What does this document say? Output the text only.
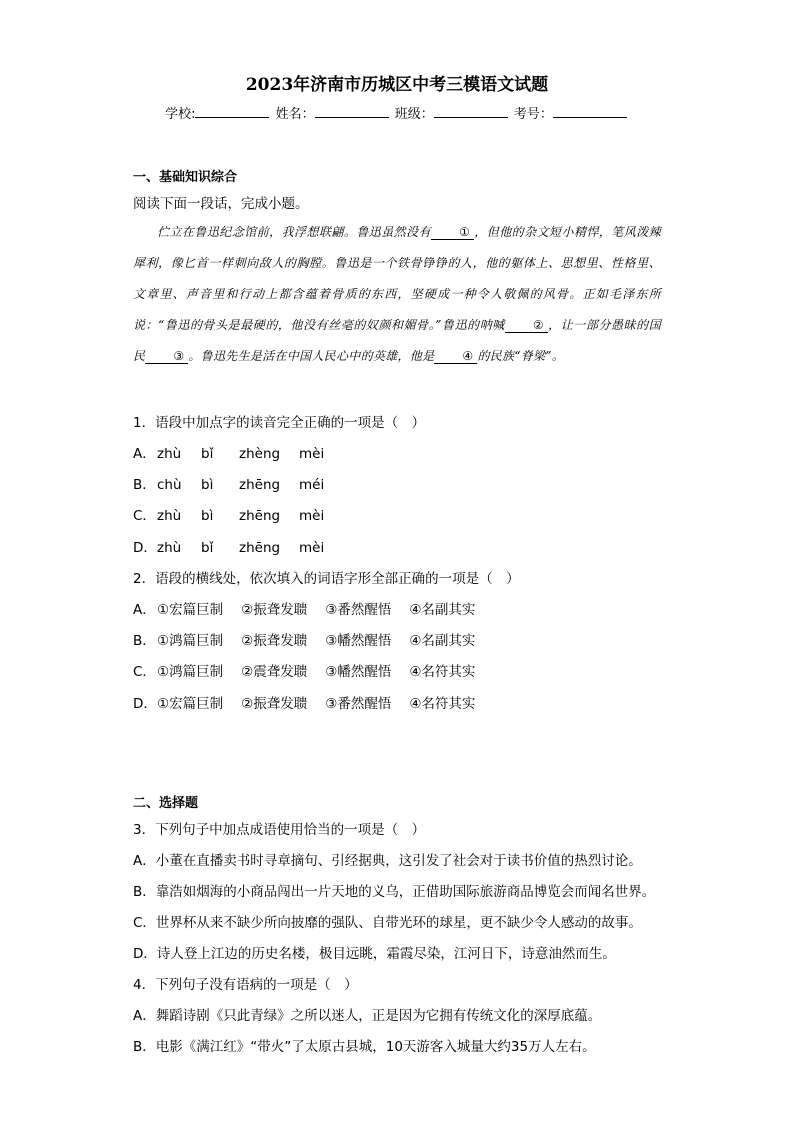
2023年济南市历城区中考三模语文试题
学校:	姓名：	班级：	考号：
一、基础知识综合
阅读下面一段话，完成小题。
伫立在鲁迅纪念馆前，我浮想联翩。鲁迅虽然没有 ① ，但他的杂文短小精悍，笔风泼辣犀利，像匕首一样刺向敌人的胸膛。鲁迅是一个铁骨铮铮的人，他的躯体上、思想里、性格里、文章里、声音里和行动上都含蕴着骨质的东西，坚硬成一种令人敬佩的风骨。正如毛泽东所说：“鲁迅的骨头是最硬的，他没有丝毫的奴颜和媚骨。”鲁迅的呐喊 ② ，让一部分愚昧的国民 ③ 。鲁迅先生是活在中国人民心中的英雄，他是 ④ 的民族“脊梁”。
1．语段中加点字的读音完全正确的一项是（　）
A．zhù bǐ zhèng mèi
B．chù bì zhēng méi
C．zhù bì zhēng mèi
D．zhù bǐ zhēng mèi
2．语段的横线处，依次填入的词语字形全部正确的一项是（　）
A．①宏篇巨制 ②振聋发聩 ③番然醒悟 ④名副其实
B．①鸿篇巨制 ②振聋发聩 ③幡然醒悟 ④名副其实
C．①鸿篇巨制 ②震聋发聩 ③幡然醒悟 ④名符其实
D．①宏篇巨制 ②振聋发聩 ③番然醒悟 ④名符其实
二、选择题
3．下列句子中加点成语使用恰当的一项是（　）
A．小董在直播卖书时寻章摘句、引经据典，这引发了社会对于读书价值的热烈讨论。
B．靠浩如烟海的小商品闯出一片天地的义乌，正借助国际旅游商品博览会而闻名世界。
C．世界杯从来不缺少所向披靡的强队、自带光环的球星，更不缺少令人感动的故事。
D．诗人登上江边的历史名楼，极目远眺，霜霞尽染，江河日下，诗意油然而生。
4．下列句子没有语病的一项是（　）
A．舞蹈诗剧《只此青绿》之所以迷人，正是因为它拥有传统文化的深厚底蕴。
B．电影《满江红》“带火”了太原古县城，10天游客入城量大约35万人左右。
